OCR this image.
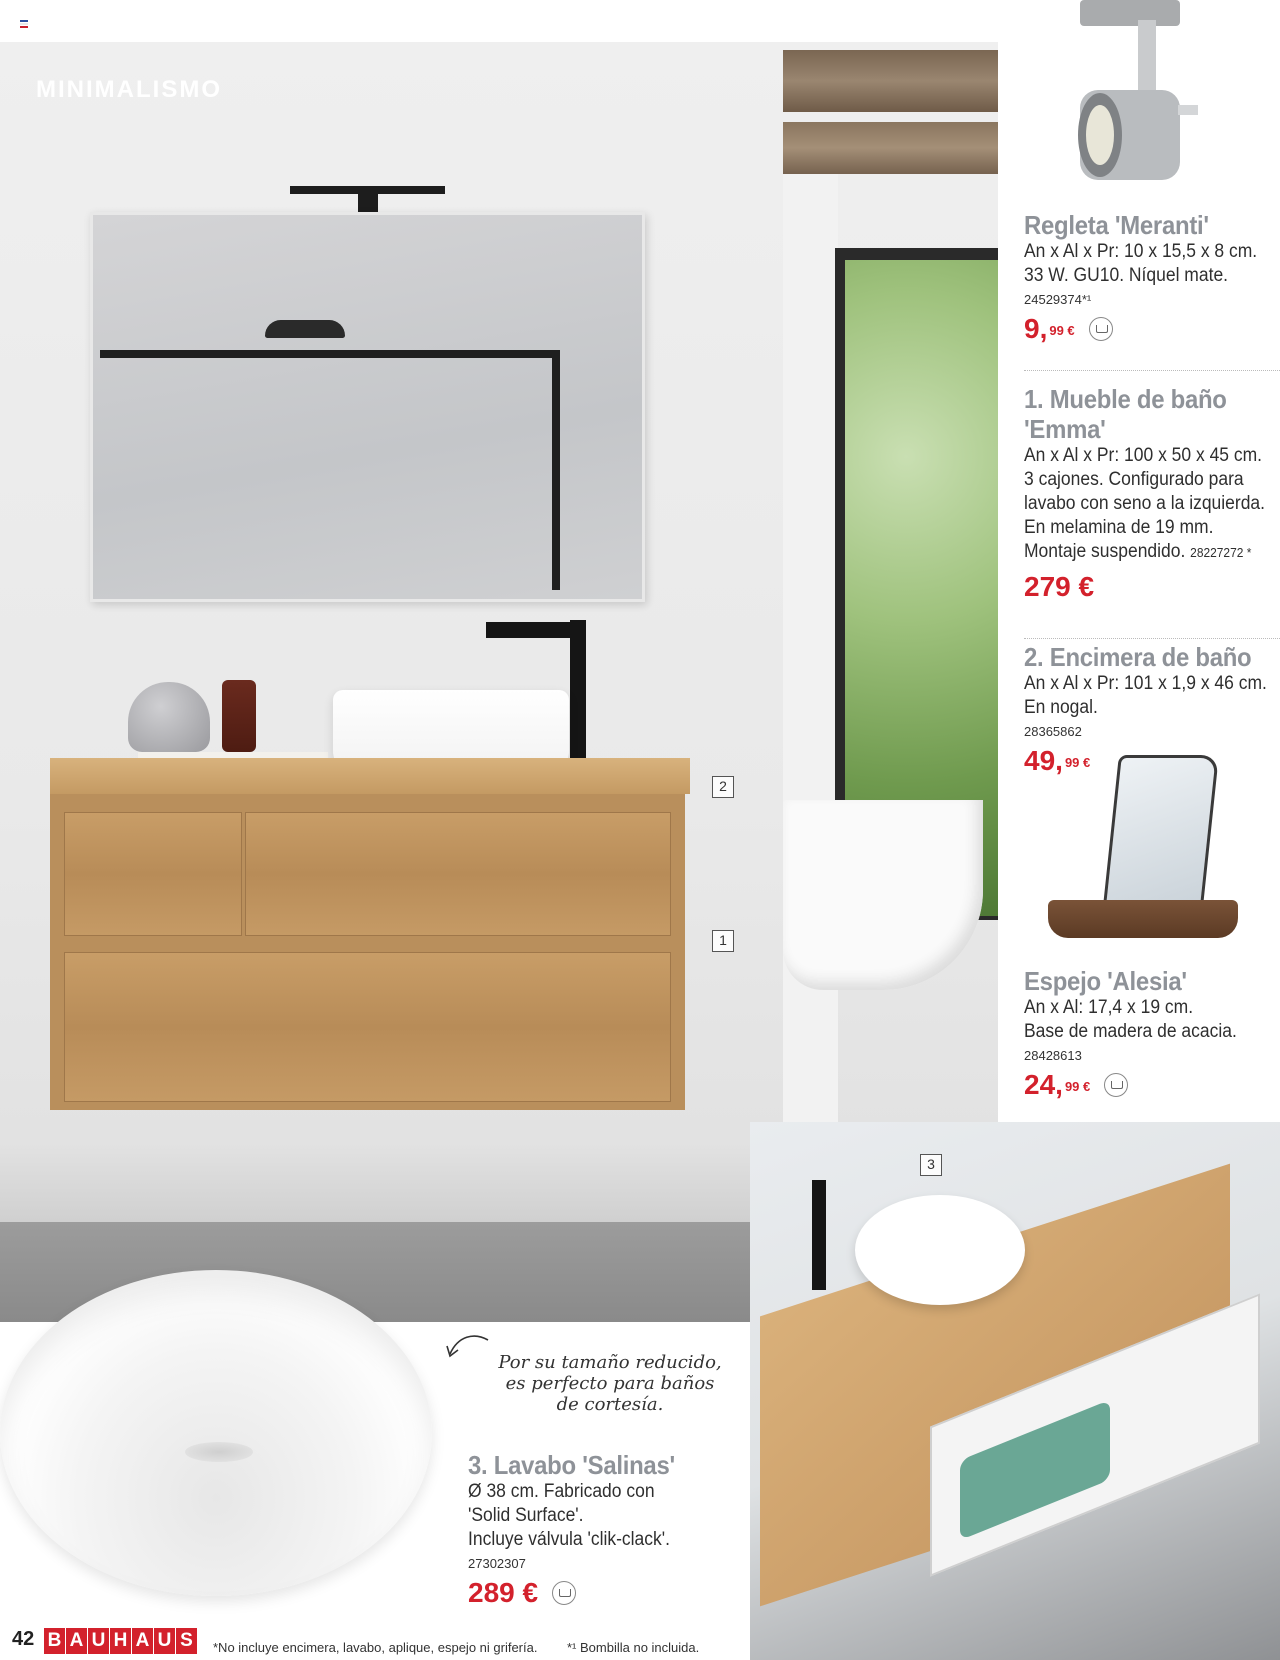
MINIMALISMO
2
1
Regleta 'Meranti'
An x Al x Pr: 10 x 15,5 x 8 cm.
33 W. GU10. Níquel mate.
24529374*¹
9, 99 €
1. Mueble de baño
'Emma'
An x Al x Pr: 100 x 50 x 45 cm.
3 cajones. Configurado para
lavabo con seno a la izquierda.
En melamina de 19 mm.
Montaje suspendido. 28227272 *
279 €
2. Encimera de baño
An x Al x Pr: 101 x 1,9 x 46 cm.
En nogal.
28365862
49, 99 €
Espejo 'Alesia'
An x Al: 17,4 x 19 cm.
Base de madera de acacia.
28428613
24, 99 €
3
Por su tamaño reducido,
es perfecto para baños
de cortesía.
3. Lavabo 'Salinas'
Ø 38 cm. Fabricado con
'Solid Surface'.
Incluye válvula 'clik-clack'.
27302307
289 €
42 B A U H A U S	*No incluye encimera, lavabo, aplique, espejo ni grifería. *¹ Bombilla no incluida.
